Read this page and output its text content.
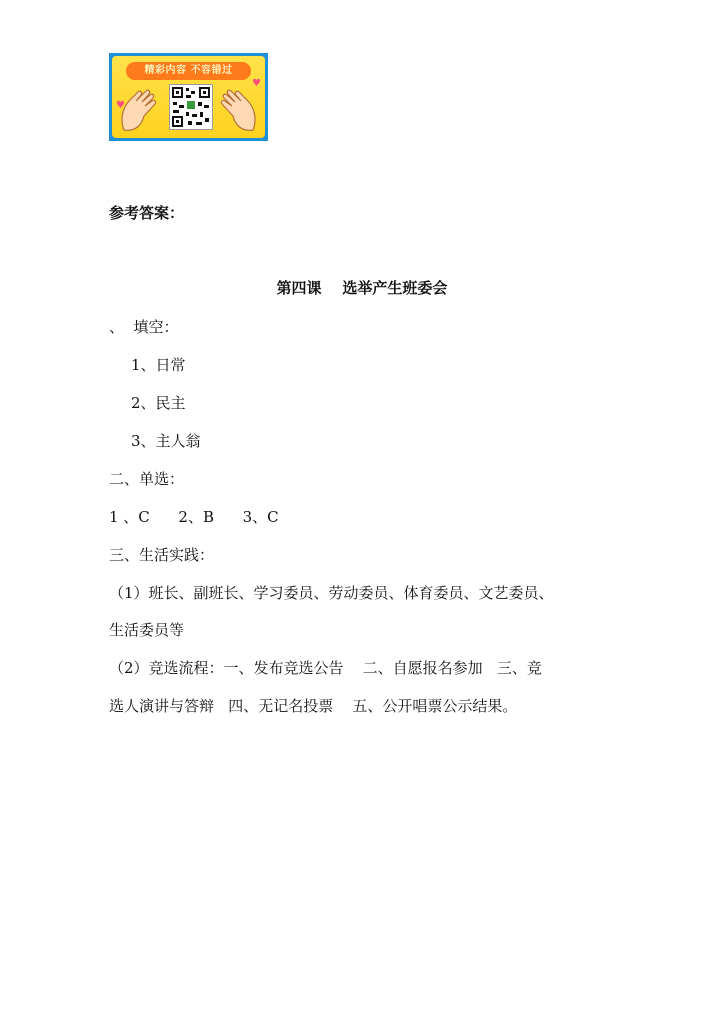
精彩内容 不容错过
♥
♥
参考答案：
第四课    选举产生班委会
、  填空：
1、日常
2、民主
3、主人翁
二、单选：
1 、C      2、B      3、C
三、生活实践：
（1）班长、副班长、学习委员、劳动委员、体育委员、文艺委员、
生活委员等
（2）竞选流程：一、发布竞选公告    二、自愿报名参加   三、竞
选人演讲与答辩   四、无记名投票    五、公开唱票公示结果。
